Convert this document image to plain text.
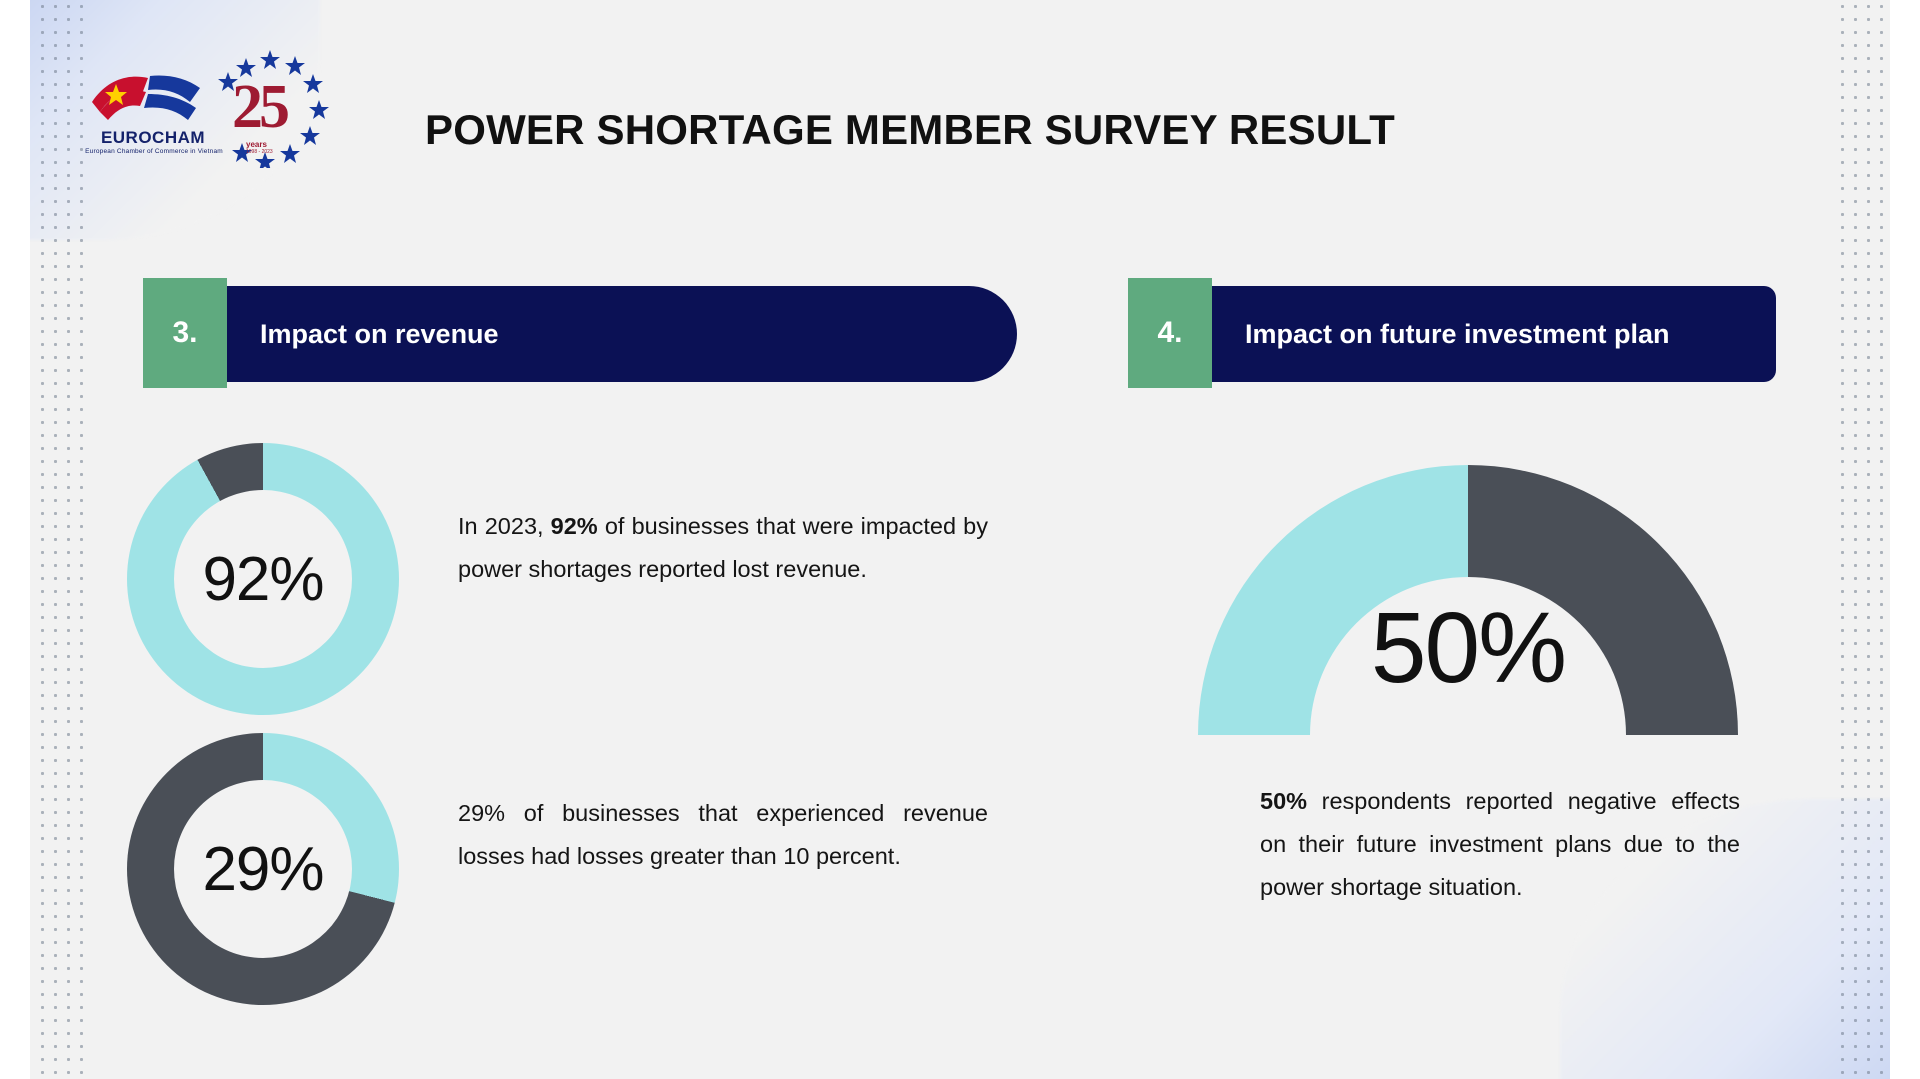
EUROCHAM
European Chamber of Commerce in Vietnam
25
years
1998 - 2023	POWER SHORTAGE MEMBER SURVEY RESULT
3.	Impact on revenue
92%
In 2023, 92% of businesses that were impacted by power shortages reported lost revenue.
29%
29% of businesses that experienced revenue losses had losses greater than 10 percent.
4.	Impact on future investment plan
50%
50% respondents reported negative effects on their future investment plans due to the power shortage situation.
